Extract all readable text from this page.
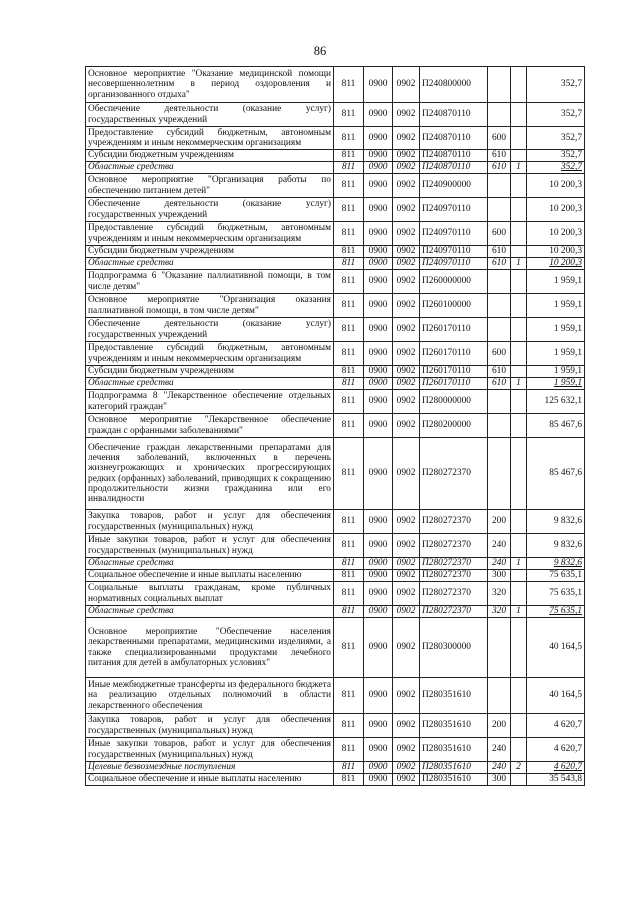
86
Основное мероприятие "Оказание медицинской помощи несовершеннолетним в период оздоровления и организованного отдыха"	811	0900	0902	П240800000			352,7
Обеспечение деятельности (оказание услуг) государственных учреждений	811	0900	0902	П240870110			352,7
Предоставление субсидий бюджетным, автономным учреждениям и иным некоммерческим организациям	811	0900	0902	П240870110	600		352,7
Субсидии бюджетным учреждениям	811	0900	0902	П240870110	610		352,7
Областные средства	811	0900	0902	П240870110	610	1	352,7
Основное мероприятие "Организация работы по обеспечению питанием детей"	811	0900	0902	П240900000			10 200,3
Обеспечение деятельности (оказание услуг) государственных учреждений	811	0900	0902	П240970110			10 200,3
Предоставление субсидий бюджетным, автономным учреждениям и иным некоммерческим организациям	811	0900	0902	П240970110	600		10 200,3
Субсидии бюджетным учреждениям	811	0900	0902	П240970110	610		10 200,3
Областные средства	811	0900	0902	П240970110	610	1	10 200,3
Подпрограмма 6 "Оказание паллиативной помощи, в том числе детям"	811	0900	0902	П260000000			1 959,1
Основное мероприятие "Организация оказания паллиативной помощи, в том числе детям"	811	0900	0902	П260100000			1 959,1
Обеспечение деятельности (оказание услуг) государственных учреждений	811	0900	0902	П260170110			1 959,1
Предоставление субсидий бюджетным, автономным учреждениям и иным некоммерческим организациям	811	0900	0902	П260170110	600		1 959,1
Субсидии бюджетным учреждениям	811	0900	0902	П260170110	610		1 959,1
Областные средства	811	0900	0902	П260170110	610	1	1 959,1
Подпрограмма 8 "Лекарственное обеспечение отдельных категорий граждан"	811	0900	0902	П280000000			125 632,1
Основное мероприятие "Лекарственное обеспечение граждан с орфанными заболеваниями"	811	0900	0902	П280200000			85 467,6
Обеспечение граждан лекарственными препаратами для лечения заболеваний, включенных в перечень жизнеугрожающих и хронических прогрессирующих редких (орфанных) заболеваний, приводящих к сокращению продолжительности жизни гражданина или его инвалидности	811	0900	0902	П280272370			85 467,6
Закупка товаров, работ и услуг для обеспечения государственных (муниципальных) нужд	811	0900	0902	П280272370	200		9 832,6
Иные закупки товаров, работ и услуг для обеспечения государственных (муниципальных) нужд	811	0900	0902	П280272370	240		9 832,6
Областные средства	811	0900	0902	П280272370	240	1	9 832,6
Социальное обеспечение и иные выплаты населению	811	0900	0902	П280272370	300		75 635,1
Социальные выплаты гражданам, кроме публичных нормативных социальных выплат	811	0900	0902	П280272370	320		75 635,1
Областные средства	811	0900	0902	П280272370	320	1	75 635,1
Основное мероприятие "Обеспечение населения лекарственными препаратами, медицинскими изделиями, а также специализированными продуктами лечебного питания для детей в амбулаторных условиях"	811	0900	0902	П280300000			40 164,5
Иные межбюджетные трансферты из федерального бюджета на реализацию отдельных полномочий в области лекарственного обеспечения	811	0900	0902	П280351610			40 164,5
Закупка товаров, работ и услуг для обеспечения государственных (муниципальных) нужд	811	0900	0902	П280351610	200		4 620,7
Иные закупки товаров, работ и услуг для обеспечения государственных (муниципальных) нужд	811	0900	0902	П280351610	240		4 620,7
Целевые безвозмездные поступления	811	0900	0902	П280351610	240	2	4 620,7
Социальное обеспечение и иные выплаты населению	811	0900	0902	П280351610	300		35 543,8
